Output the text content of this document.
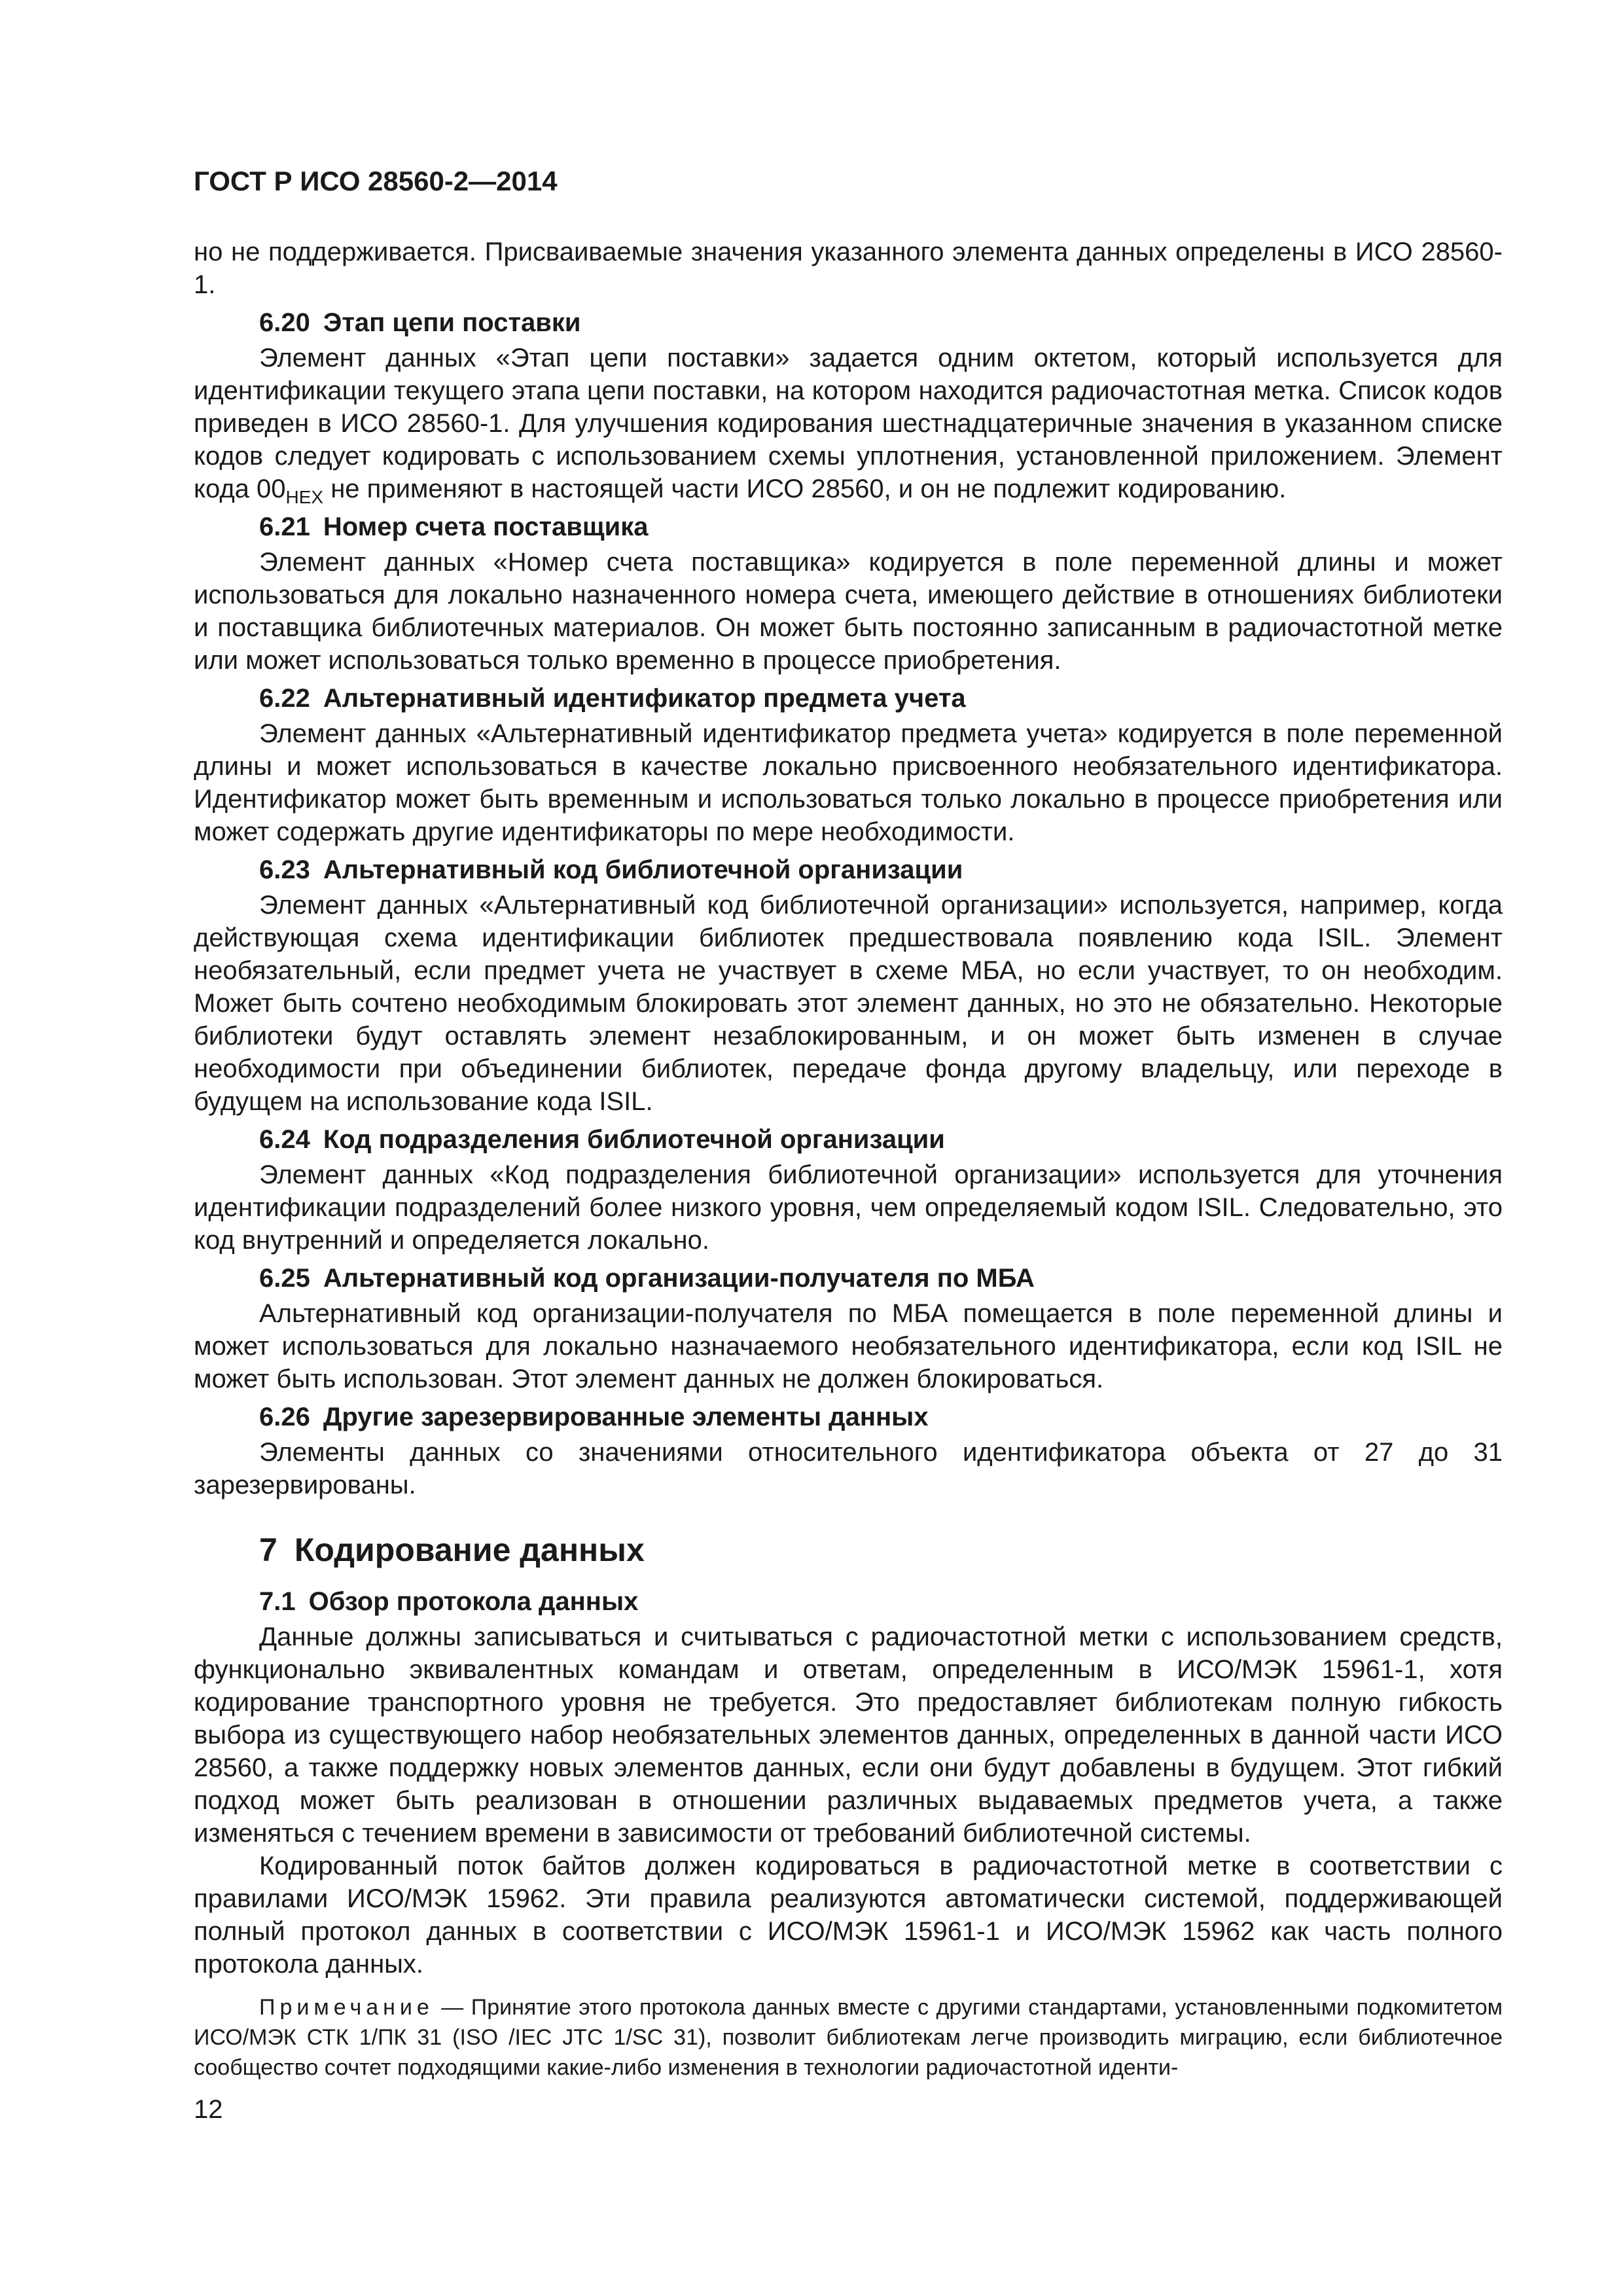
ГОСТ Р ИСО 28560-2—2014

но не поддерживается. Присваиваемые значения указанного элемента данных определены в ИСО 28560-1.

6.20 Этап цепи поставки

Элемент данных «Этап цепи поставки» задается одним октетом, который используется для идентификации текущего этапа цепи поставки, на котором находится радиочастотная метка. Список кодов приведен в ИСО 28560-1. Для улучшения кодирования шестнадцатеричные значения в указанном списке кодов следует кодировать с использованием схемы уплотнения, установленной приложением. Элемент кода $00_{HEX}$ не применяют в настоящей части ИСО 28560, и он не подлежит кодированию.

6.21 Номер счета поставщика

Элемент данных «Номер счета поставщика» кодируется в поле переменной длины и может использоваться для локально назначенного номера счета, имеющего действие в отношениях библиотеки и поставщика библиотечных материалов. Он может быть постоянно записанным в радиочастотной метке или может использоваться только временно в процессе приобретения.

6.22 Альтернативный идентификатор предмета учета

Элемент данных «Альтернативный идентификатор предмета учета» кодируется в поле переменной длины и может использоваться в качестве локально присвоенного необязательного идентификатора. Идентификатор может быть временным и использоваться только локально в процессе приобретения или может содержать другие идентификаторы по мере необходимости.

6.23 Альтернативный код библиотечной организации

Элемент данных «Альтернативный код библиотечной организации» используется, например, когда действующая схема идентификации библиотек предшествовала появлению кода ISIL. Элемент необязательный, если предмет учета не участвует в схеме МБА, но если участвует, то он необходим. Может быть сочтено необходимым блокировать этот элемент данных, но это не обязательно. Некоторые библиотеки будут оставлять элемент незаблокированным, и он может быть изменен в случае необходимости при объединении библиотек, передаче фонда другому владельцу, или переходе в будущем на использование кода ISIL.

6.24 Код подразделения библиотечной организации

Элемент данных «Код подразделения библиотечной организации» используется для уточнения идентификации подразделений более низкого уровня, чем определяемый кодом ISIL. Следовательно, это код внутренний и определяется локально.

6.25 Альтернативный код организации-получателя по МБА

Альтернативный код организации-получателя по МБА помещается в поле переменной длины и может использоваться для локально назначаемого необязательного идентификатора, если код ISIL не может быть использован. Этот элемент данных не должен блокироваться.

6.26 Другие зарезервированные элементы данных

Элементы данных со значениями относительного идентификатора объекта от 27 до 31 зарезервированы.

7 Кодирование данных
7.1 Обзор протокола данных

Данные должны записываться и считываться с радиочастотной метки с использованием средств, функционально эквивалентных командам и ответам, определенным в ИСО/МЭК 15961-1, хотя кодирование транспортного уровня не требуется. Это предоставляет библиотекам полную гибкость выбора из существующего набор необязательных элементов данных, определенных в данной части ИСО 28560, а также поддержку новых элементов данных, если они будут добавлены в будущем. Этот гибкий подход может быть реализован в отношении различных выдаваемых предметов учета, а также изменяться с течением времени в зависимости от требований библиотечной системы.

Кодированный поток байтов должен кодироваться в радиочастотной метке в соответствии с правилами ИСО/МЭК 15962. Эти правила реализуются автоматически системой, поддерживающей полный протокол данных в соответствии с ИСО/МЭК 15961-1 и ИСО/МЭК 15962 как часть полного протокола данных.

Примечание — Принятие этого протокола данных вместе с другими стандартами, установленными подкомитетом ИСО/МЭК СТК 1/ПК 31 (ISO /IEC JTC 1/SC 31), позволит библиотекам легче производить миграцию, если библиотечное сообщество сочтет подходящими какие-либо изменения в технологии радиочастотной иденти-

12
